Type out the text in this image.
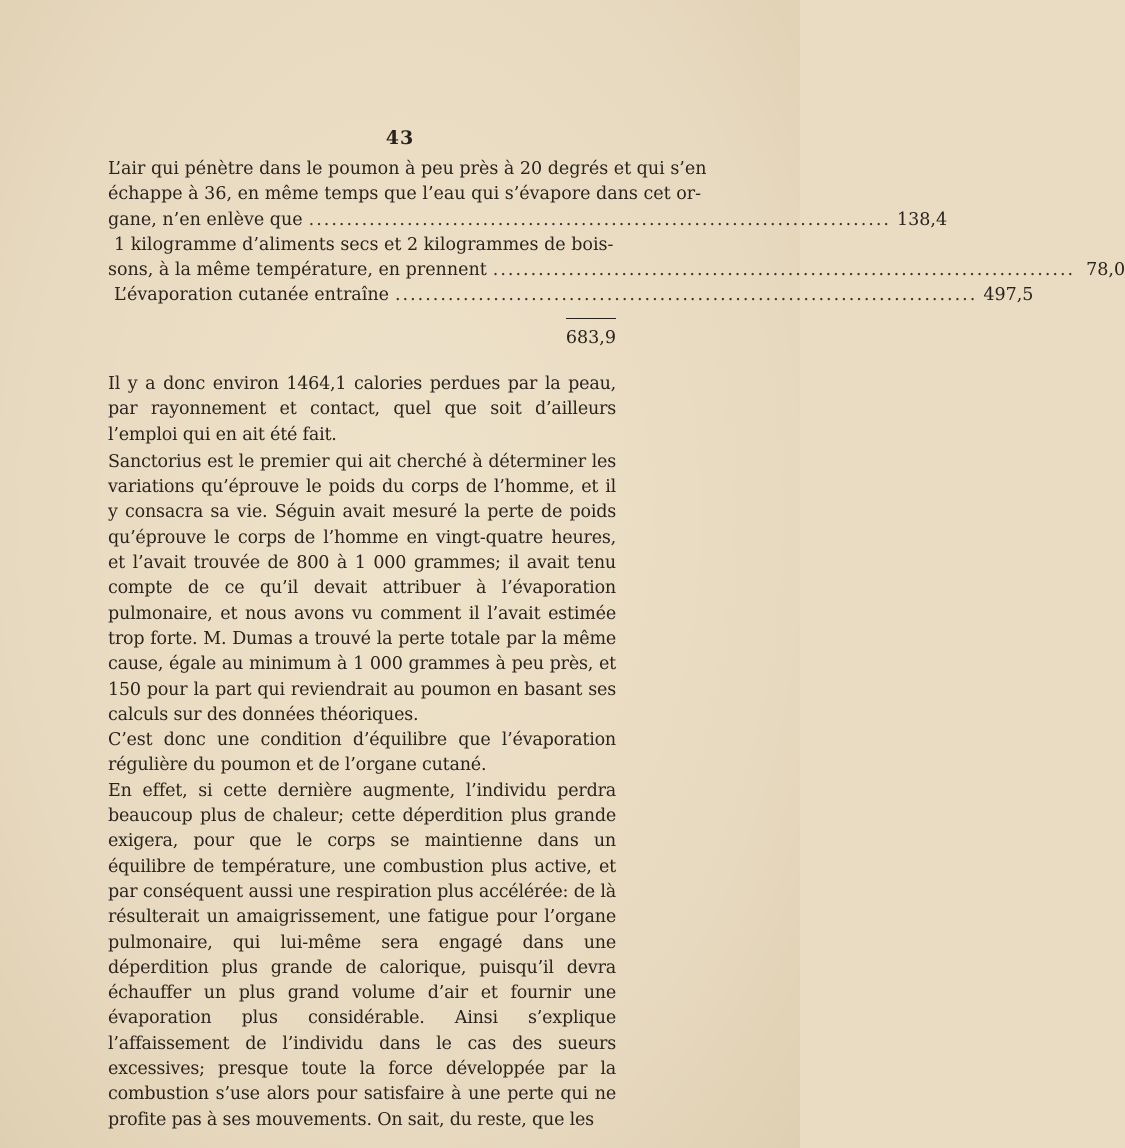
43
L’air qui pénètre dans le poumon à peu près à 20 degrés et qui s’en
échappe à 36, en même temps que l’eau qui s’évapore dans cet or-
gane, n’en enlève que ............................................................................. 138,4
1 kilogramme d’aliments secs et 2 kilogrammes de bois-
sons, à la même température, en prennent ............................................................................. 78,0
L’évaporation cutanée entraîne ............................................................................. 497,5
683,9

Il y a donc environ 1464,1 calories perdues par la peau, par rayonnement et contact, quel que soit d’ailleurs l’emploi qui en ait été fait.

Sanctorius est le premier qui ait cherché à déterminer les variations qu’éprouve le poids du corps de l’homme, et il y consacra sa vie. Séguin avait mesuré la perte de poids qu’éprouve le corps de l’homme en vingt-quatre heures, et l’avait trouvée de 800 à 1 000 grammes; il avait tenu compte de ce qu’il devait attribuer à l’évaporation pulmonaire, et nous avons vu comment il l’avait estimée trop forte. M. Dumas a trouvé la perte totale par la même cause, égale au minimum à 1 000 grammes à peu près, et 150 pour la part qui reviendrait au poumon en basant ses calculs sur des données théoriques.

C’est donc une condition d’équilibre que l’évaporation régulière du poumon et de l’organe cutané.

En effet, si cette dernière augmente, l’individu perdra beaucoup plus de chaleur; cette déperdition plus grande exigera, pour que le corps se maintienne dans un équilibre de température, une combustion plus active, et par conséquent aussi une respiration plus accélérée: de là résulterait un amaigrissement, une fatigue pour l’organe pulmonaire, qui lui-même sera engagé dans une déperdition plus grande de calorique, puisqu’il devra échauffer un plus grand volume d’air et fournir une évaporation plus considérable. Ainsi s’explique l’affaissement de l’individu dans le cas des sueurs excessives; presque toute la force développée par la combustion s’use alors pour satisfaire à une perte qui ne profite pas à ses mouvements. On sait, du reste, que les
